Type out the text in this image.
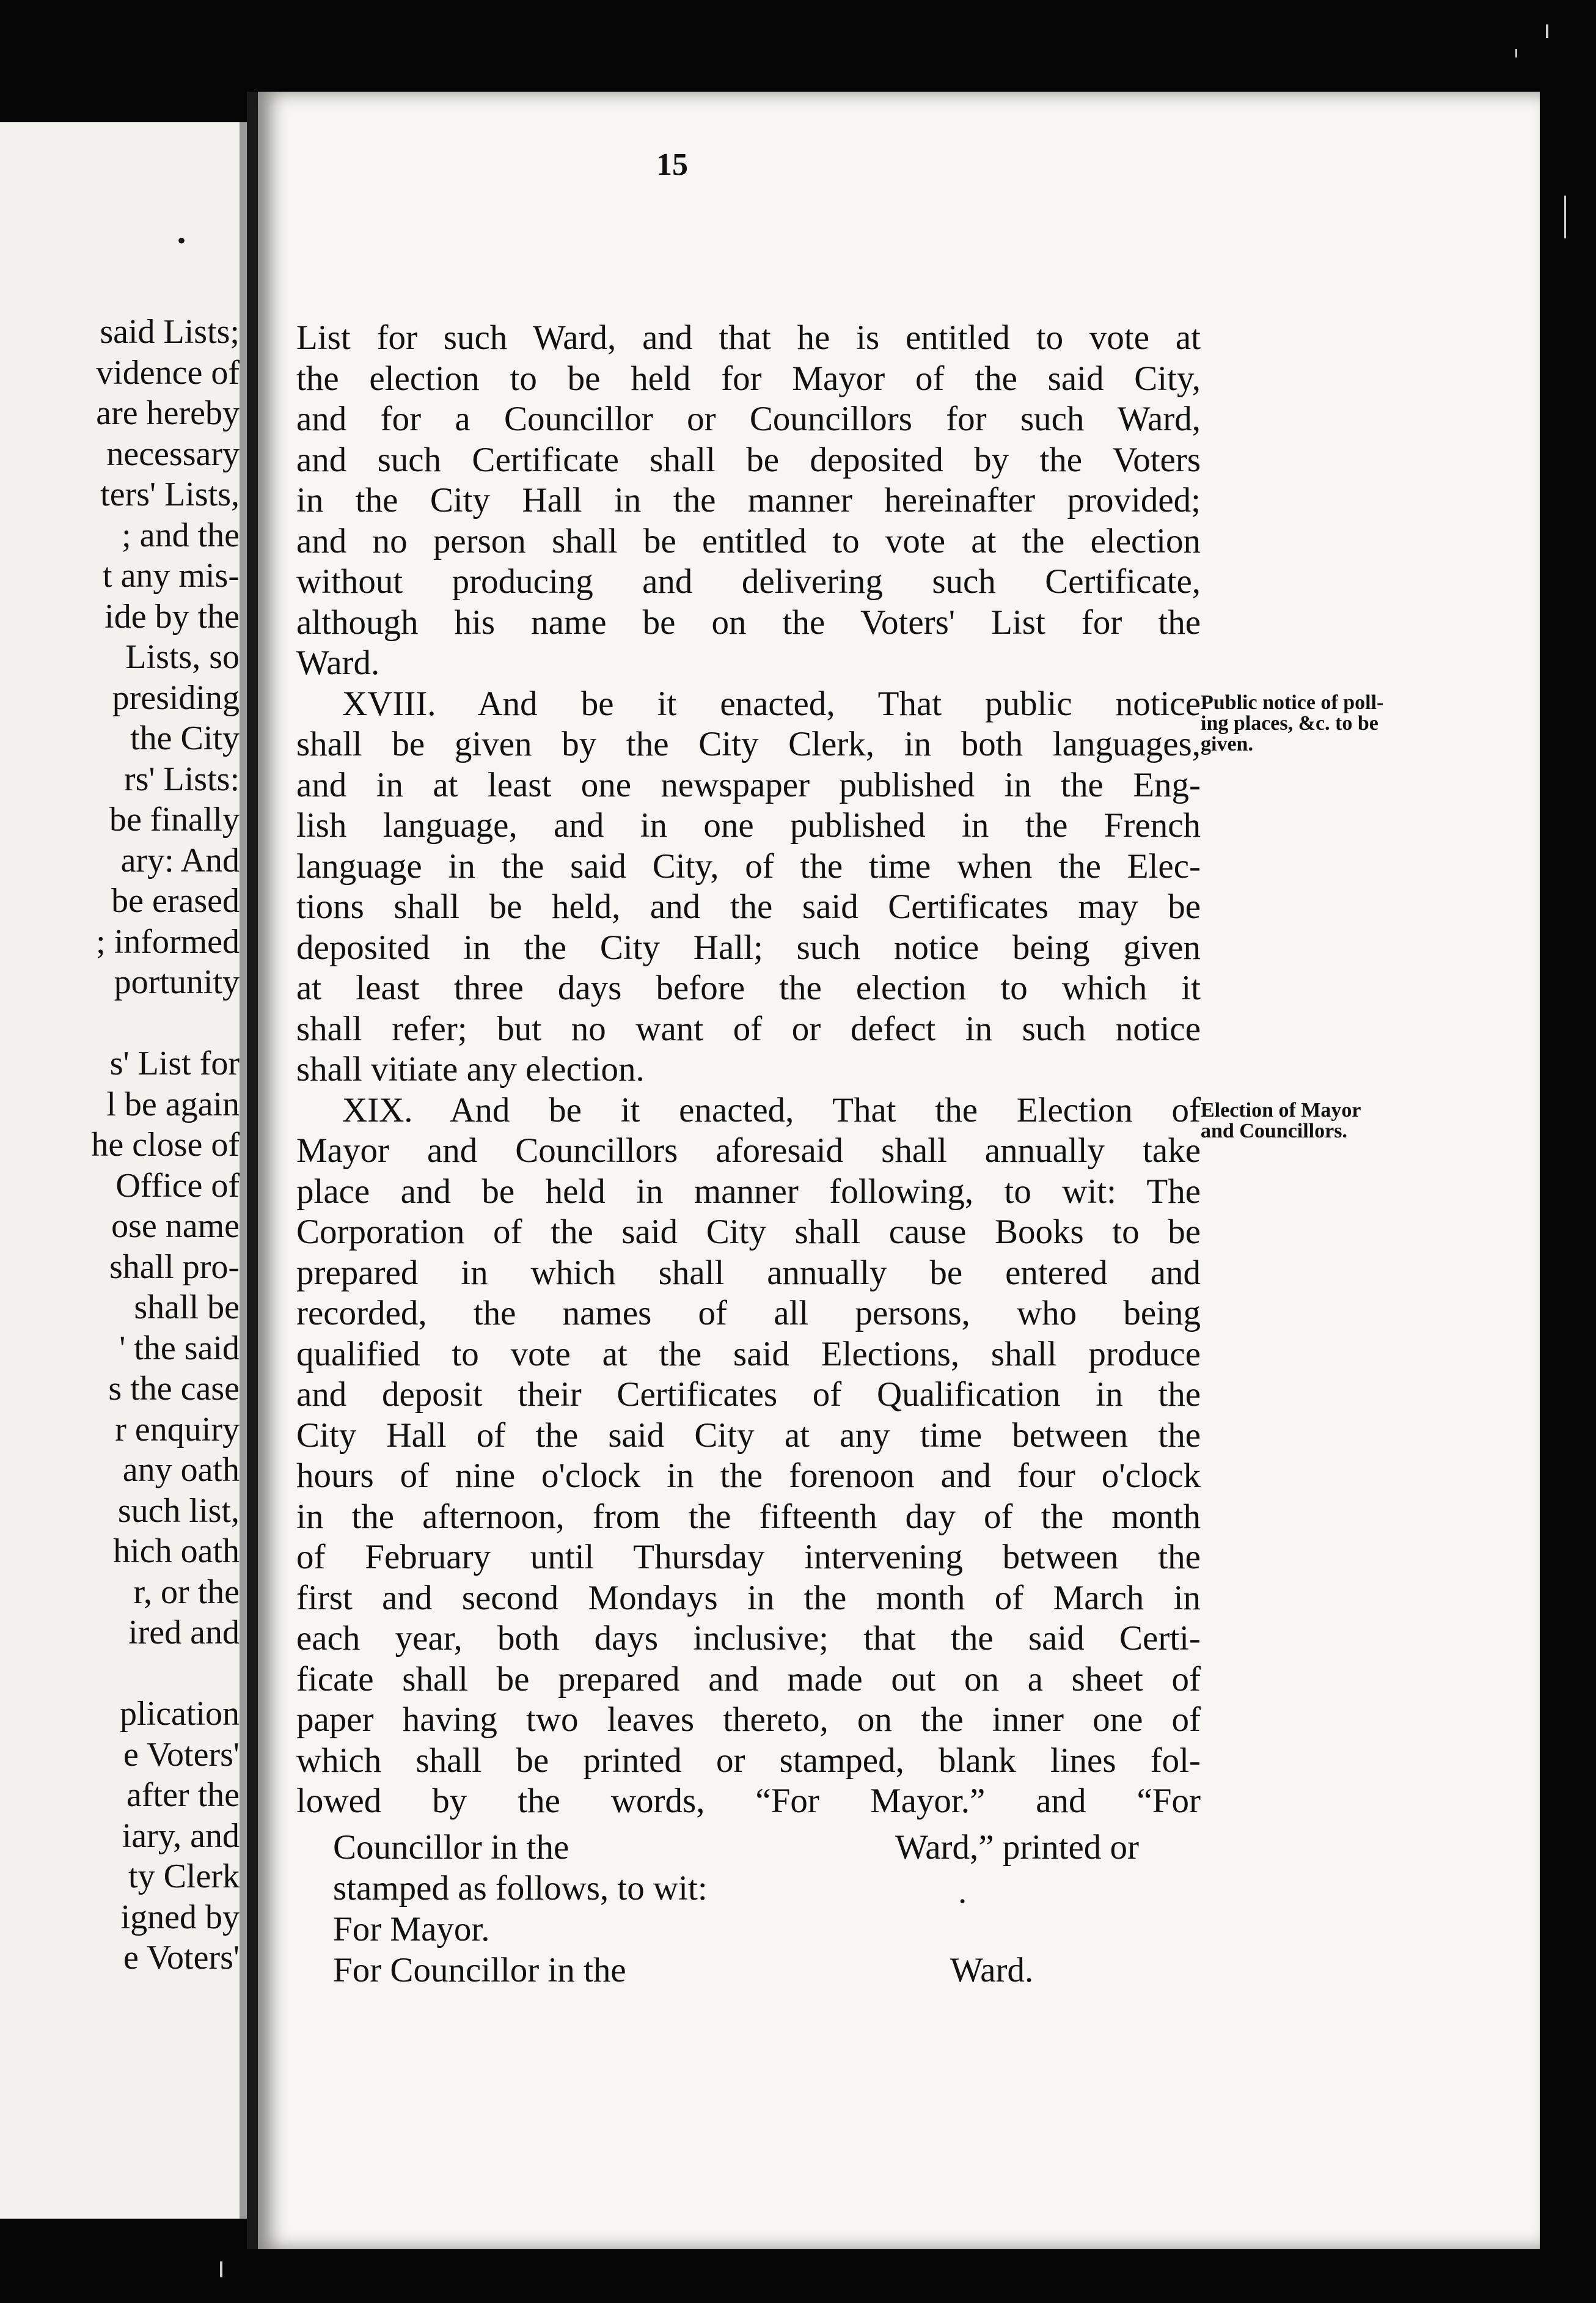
•
said Lists;
vidence of
are hereby
necessary
ters' Lists,
; and the
t any mis-
ide by the
Lists, so
presiding
the City
rs' Lists:
be finally
ary: And
be erased
; informed
portunity
s' List for
l be again
he close of
Office of
ose name
shall pro-
shall be
' the said
s the case
r enquiry
any oath
such list,
hich oath
r, or the
ired and
plication
e Voters'
after the
iary, and
ty Clerk
igned by
e Voters'
15
List for such Ward, and that he is entitled to vote at
the election to be held for Mayor of the said City,
and for a Councillor or Councillors for such Ward,
and such Certificate shall be deposited by the Voters
in the City Hall in the manner hereinafter provided;
and no person shall be entitled to vote at the election
without producing and delivering such Certificate,
although his name be on the Voters' List for the
Ward.
XVIII. And be it enacted, That public notice
shall be given by the City Clerk, in both languages,
and in at least one newspaper published in the Eng-
lish language, and in one published in the French
language in the said City, of the time when the Elec-
tions shall be held, and the said Certificates may be
deposited in the City Hall; such notice being given
at least three days before the election to which it
shall refer; but no want of or defect in such notice
shall vitiate any election.
XIX. And be it enacted, That the Election of
Mayor and Councillors aforesaid shall annually take
place and be held in manner following, to wit: The
Corporation of the said City shall cause Books to be
prepared in which shall annually be entered and
recorded, the names of all persons, who being
qualified to vote at the said Elections, shall produce
and deposit their Certificates of Qualification in the
City Hall of the said City at any time between the
hours of nine o'clock in the forenoon and four o'clock
in the afternoon, from the fifteenth day of the month
of February until Thursday intervening between the
first and second Mondays in the month of March in
each year, both days inclusive; that the said Certi-
ficate shall be prepared and made out on a sheet of
paper having two leaves thereto, on the inner one of
which shall be printed or stamped, blank lines fol-
lowed by the words, “For Mayor.” and “For
Public notice of poll-
ing places, &c. to be
given.
Election of Mayor
and Councillors.
Councillor in the	Ward,” printed or
stamped as follows, to wit:	.
For Mayor.
For Councillor in the	Ward.
